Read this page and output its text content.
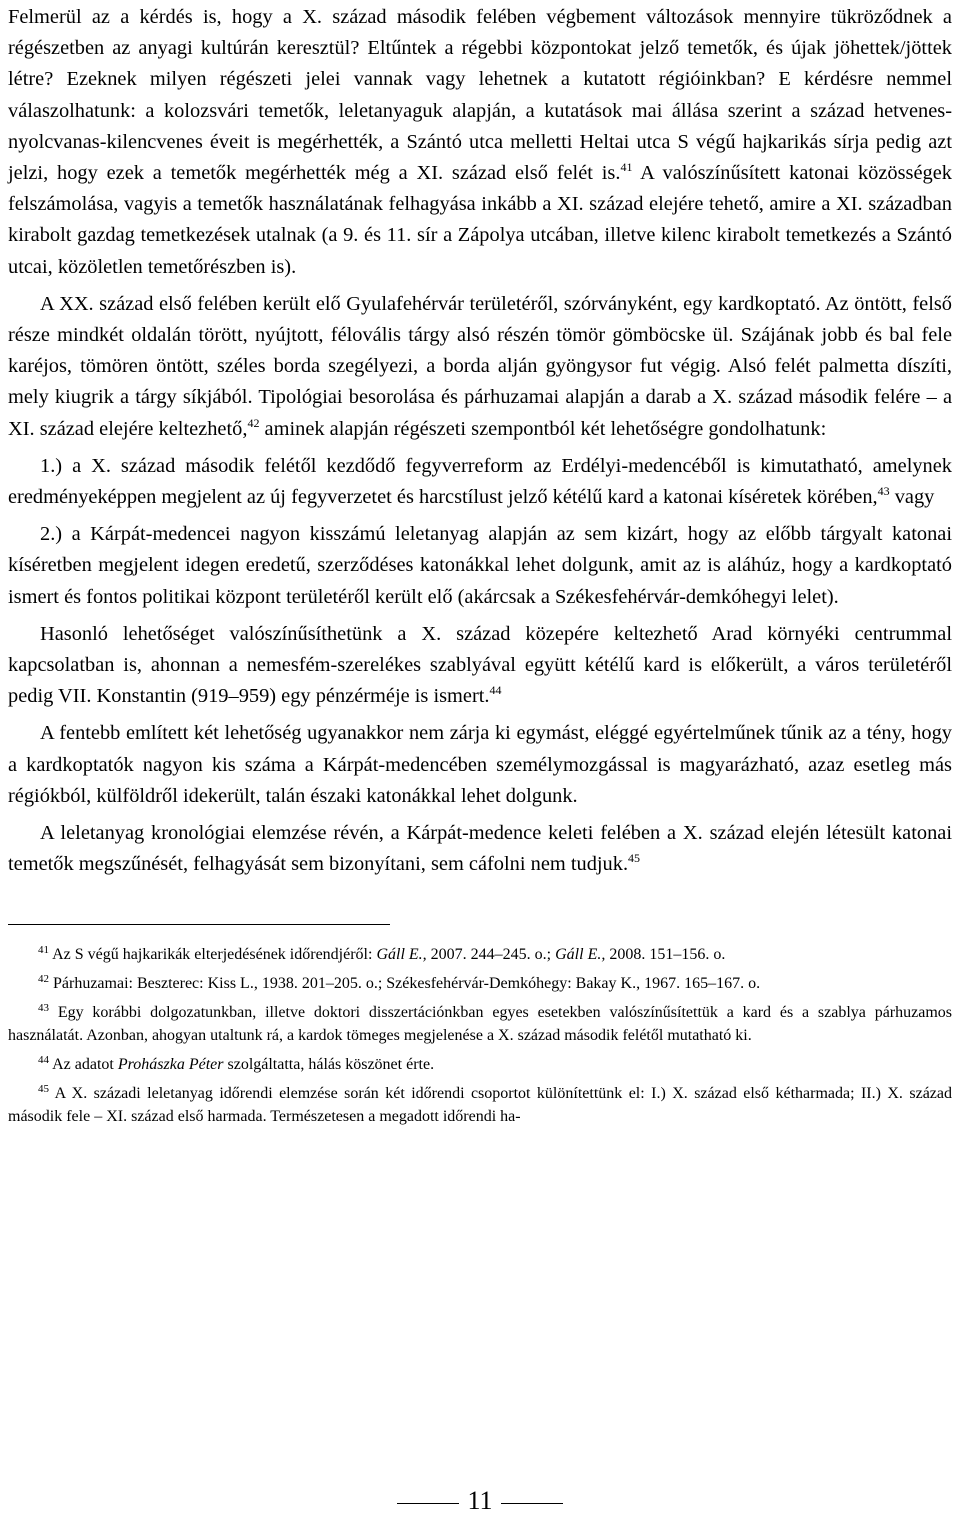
Felmerül az a kérdés is, hogy a X. század második felében végbement változások mennyire tükröződnek a régészetben az anyagi kultúrán keresztül? Eltűntek a régebbi központokat jelző temetők, és újak jöhettek/jöttek létre? Ezeknek milyen régészeti jelei vannak vagy lehetnek a kutatott régióinkban? E kérdésre nemmel válaszolhatunk: a kolozsvári temetők, leletanyaguk alapján, a kutatások mai állása szerint a század hetvenes-nyolcvanas-kilencvenes éveit is megérhették, a Szántó utca melletti Heltai utca S végű hajkarikás sírja pedig azt jelzi, hogy ezek a temetők megérhették még a XI. század első felét is.$^{41}$ A valószínűsített katonai közösségek felszámolása, vagyis a temetők használatának felhagyása inkább a XI. század elejére tehető, amire a XI. században kirabolt gazdag temetkezések utalnak (a 9. és 11. sír a Zápolya utcában, illetve kilenc kirabolt temetkezés a Szántó utcai, közöletlen temetőrészben is).

A XX. század első felében került elő Gyulafehérvár területéről, szórványként, egy kardkoptató. Az öntött, felső része mindkét oldalán törött, nyújtott, félovális tárgy alsó részén tömör gömböcske ül. Szájának jobb és bal fele karéjos, tömören öntött, széles borda szegélyezi, a borda alján gyöngysor fut végig. Alsó felét palmetta díszíti, mely kiugrik a tárgy síkjából. Tipológiai besorolása és párhuzamai alapján a darab a X. század második felére – a XI. század elejére keltezhető,$^{42}$ aminek alapján régészeti szempontból két lehetőségre gondolhatunk:

1.) a X. század második felétől kezdődő fegyverreform az Erdélyi-medencéből is kimutatható, amelynek eredményeképpen megjelent az új fegyverzetet és harcstílust jelző kétélű kard a katonai kíséretek körében,$^{43}$ vagy

2.) a Kárpát-medencei nagyon kisszámú leletanyag alapján az sem kizárt, hogy az előbb tárgyalt katonai kíséretben megjelent idegen eredetű, szerződéses katonákkal lehet dolgunk, amit az is aláhúz, hogy a kardkoptató ismert és fontos politikai központ területéről került elő (akárcsak a Székesfehérvár-demkóhegyi lelet).

Hasonló lehetőséget valószínűsíthetünk a X. század közepére keltezhető Arad környéki centrummal kapcsolatban is, ahonnan a nemesfém-szerelékes szablyával együtt kétélű kard is előkerült, a város területéről pedig VII. Konstantin (919–959) egy pénzérméje is ismert.$^{44}$

A fentebb említett két lehetőség ugyanakkor nem zárja ki egymást, eléggé egyértelműnek tűnik az a tény, hogy a kardkoptatók nagyon kis száma a Kárpát-medencében személymozgással is magyarázható, azaz esetleg más régiókból, külföldről idekerült, talán északi katonákkal lehet dolgunk.

A leletanyag kronológiai elemzése révén, a Kárpát-medence keleti felében a X. század elején létesült katonai temetők megszűnését, felhagyását sem bizonyítani, sem cáfolni nem tudjuk.$^{45}$

$^{41}$ Az S végű hajkarikák elterjedésének időrendjéről: Gáll E., 2007. 244–245. o.; Gáll E., 2008. 151–156. o.

$^{42}$ Párhuzamai: Beszterec: Kiss L., 1938. 201–205. o.; Székesfehérvár-Demkóhegy: Bakay K., 1967. 165–167. o.

$^{43}$ Egy korábbi dolgozatunkban, illetve doktori disszertációnkban egyes esetekben valószínűsítettük a kard és a szablya párhuzamos használatát. Azonban, ahogyan utaltunk rá, a kardok tömeges megjelenése a X. század második felétől mutatható ki.

$^{44}$ Az adatot Prohászka Péter szolgáltatta, hálás köszönet érte.

$^{45}$ A X. századi leletanyag időrendi elemzése során két időrendi csoportot különítettünk el: I.) X. század első kétharmada; II.) X. század második fele – XI. század első harmada. Természetesen a megadott időrendi ha-

11
